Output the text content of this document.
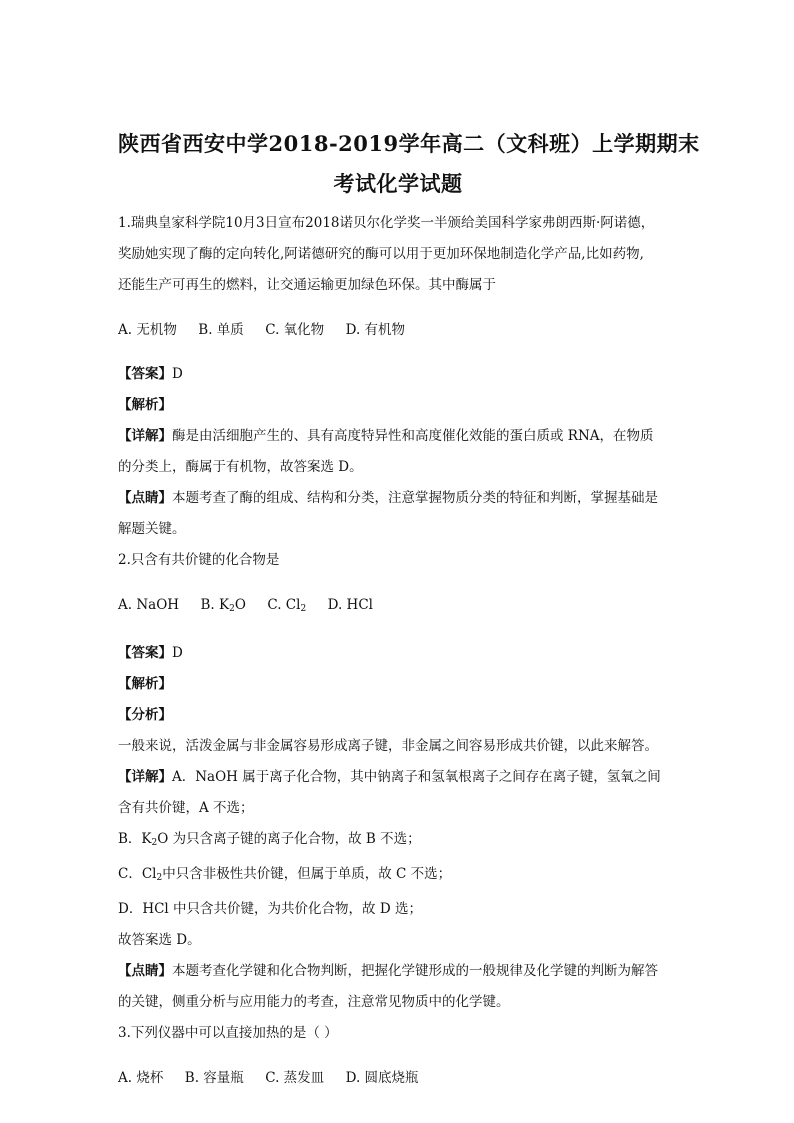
陕西省西安中学2018-2019学年高二（文科班）上学期期末
考试化学试题

1.瑞典皇家科学院10月3日宣布2018诺贝尔化学奖一半颁给美国科学家弗朗西斯·阿诺德，

奖励她实现了酶的定向转化,阿诺德研究的酶可以用于更加环保地制造化学产品,比如药物,

还能生产可再生的燃料，让交通运输更加绿色环保。其中酶属于

A. 无机物     B. 单质     C. 氧化物     D. 有机物

【答案】D

【解析】

【详解】酶是由活细胞产生的、具有高度特异性和高度催化效能的蛋白质或 RNA，在物质

的分类上，酶属于有机物，故答案选 D。

【点睛】本题考查了酶的组成、结构和分类，注意掌握物质分类的特征和判断，掌握基础是

解题关键。

2.只含有共价键的化合物是

A. NaOH     B. $K_2O$     C. $Cl_2$     D. HCl

【答案】D

【解析】

【分析】

一般来说，活泼金属与非金属容易形成离子键，非金属之间容易形成共价键，以此来解答。

【详解】A．NaOH 属于离子化合物，其中钠离子和氢氧根离子之间存在离子键，氢氧之间

含有共价键，A 不选；

B．$K_2O$ 为只含离子键的离子化合物，故 B 不选；

C．$Cl_2$中只含非极性共价键，但属于单质，故 C 不选；

D．HCl 中只含共价键，为共价化合物，故 D 选；

故答案选 D。

【点睛】本题考查化学键和化合物判断，把握化学键形成的一般规律及化学键的判断为解答

的关键，侧重分析与应用能力的考查，注意常见物质中的化学键。

3.下列仪器中可以直接加热的是（ ）

A. 烧杯     B. 容量瓶     C. 蒸发皿     D. 圆底烧瓶
